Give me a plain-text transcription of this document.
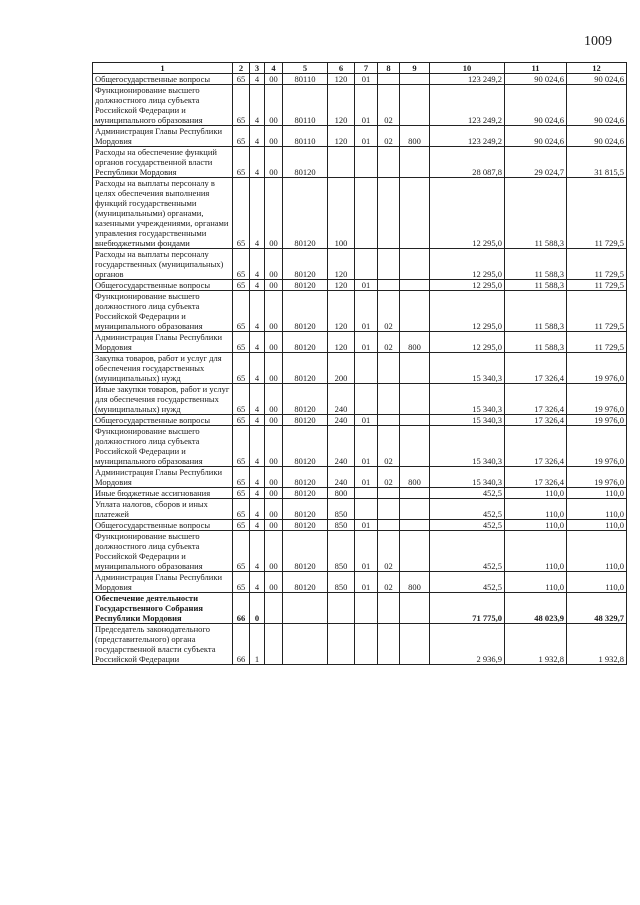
1009
1	2	3	4	5	6	7	8	9	10	11	12
Общегосударственные вопросы	65	4	00	80110	120	01			123 249,2	90 024,6	90 024,6
Функционирование высшего должностного лица субъекта Российской Федерации и муниципального образования	65	4	00	80110	120	01	02		123 249,2	90 024,6	90 024,6
Администрация Главы Республики Мордовия	65	4	00	80110	120	01	02	800	123 249,2	90 024,6	90 024,6
Расходы на обеспечение функций органов государственной власти Республики Мордовия	65	4	00	80120					28 087,8	29 024,7	31 815,5
Расходы на выплаты персоналу в целях обеспечения выполнения функций государственными (муниципальными) органами, казенными учреждениями, органами управления государственными внебюджетными фондами	65	4	00	80120	100				12 295,0	11 588,3	11 729,5
Расходы на выплаты персоналу государственных (муниципальных) органов	65	4	00	80120	120				12 295,0	11 588,3	11 729,5
Общегосударственные вопросы	65	4	00	80120	120	01			12 295,0	11 588,3	11 729,5
Функционирование высшего должностного лица субъекта Российской Федерации и муниципального образования	65	4	00	80120	120	01	02		12 295,0	11 588,3	11 729,5
Администрация Главы Республики Мордовия	65	4	00	80120	120	01	02	800	12 295,0	11 588,3	11 729,5
Закупка товаров, работ и услуг для обеспечения государственных (муниципальных) нужд	65	4	00	80120	200				15 340,3	17 326,4	19 976,0
Иные закупки товаров, работ и услуг для обеспечения государственных (муниципальных) нужд	65	4	00	80120	240				15 340,3	17 326,4	19 976,0
Общегосударственные вопросы	65	4	00	80120	240	01			15 340,3	17 326,4	19 976,0
Функционирование высшего должностного лица субъекта Российской Федерации и муниципального образования	65	4	00	80120	240	01	02		15 340,3	17 326,4	19 976,0
Администрация Главы Республики Мордовия	65	4	00	80120	240	01	02	800	15 340,3	17 326,4	19 976,0
Иные бюджетные ассигнования	65	4	00	80120	800				452,5	110,0	110,0
Уплата налогов, сборов и иных платежей	65	4	00	80120	850				452,5	110,0	110,0
Общегосударственные вопросы	65	4	00	80120	850	01			452,5	110,0	110,0
Функционирование высшего должностного лица субъекта Российской Федерации и муниципального образования	65	4	00	80120	850	01	02		452,5	110,0	110,0
Администрация Главы Республики Мордовия	65	4	00	80120	850	01	02	800	452,5	110,0	110,0
Обеспечение деятельности Государственного Собрания Республики Мордовия	66	0							71 775,0	48 023,9	48 329,7
Председатель законодательного (представительного) органа государственной власти субъекта Российской Федерации	66	1							2 936,9	1 932,8	1 932,8
